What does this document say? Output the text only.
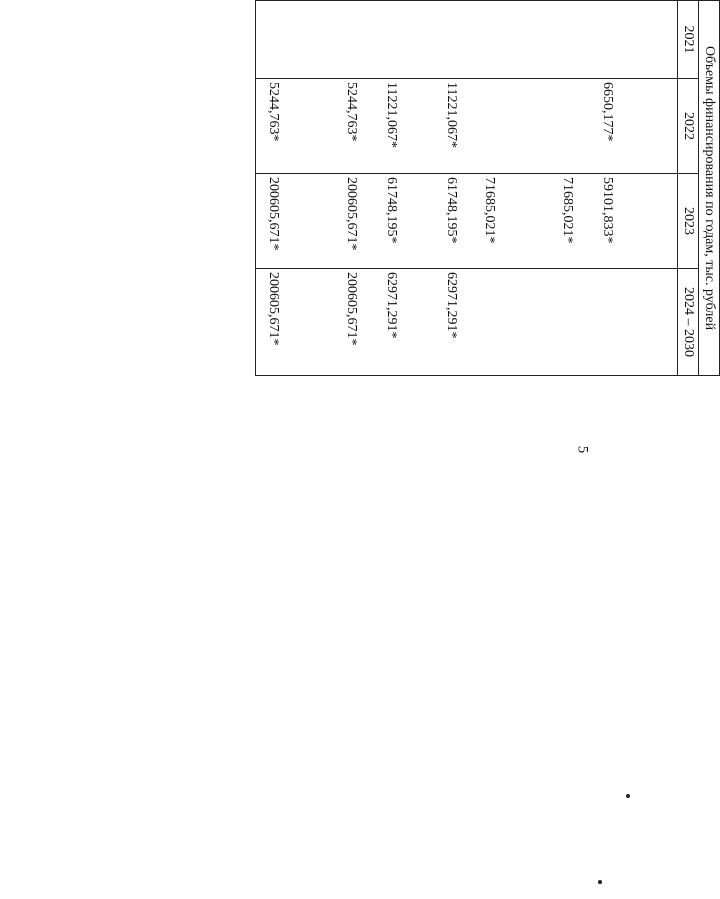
5
		Объемы финансирования по годам, тыс. рублей			
		2021	2022	2023	2024 – 2030

			6650,177*	59101,833*	
				71685,021*	
				71685,021*	
			11221,067*	61748,195*	62971,291*
			11221,067*	61748,195*	62971,291*
			5244,763*	200605,671*	200605,671*
			5244,763*	200605,671*	200605,671*
